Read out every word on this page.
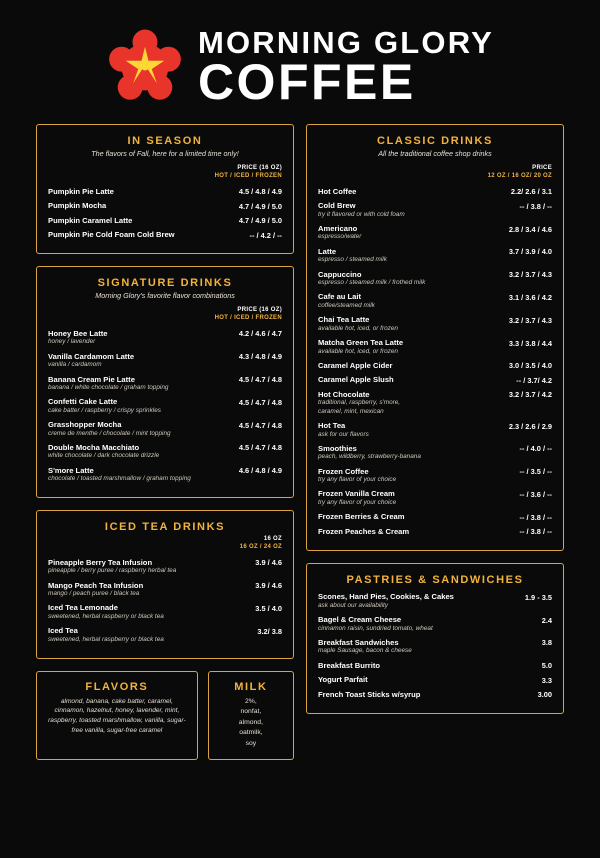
MORNING GLORY
COFFEE
IN SEASON
The flavors of Fall, here for a limited time only!
PRICE (16 OZ)
HOT / ICED / FROZEN
Pumpkin Pie Latte	4.5 / 4.8 / 4.9
Pumpkin Mocha	4.7 / 4.9 / 5.0
Pumpkin Caramel Latte	4.7 / 4.9 / 5.0
Pumpkin Pie Cold Foam Cold Brew	-- / 4.2 / --
SIGNATURE DRINKS
Morning Glory's favorite flavor combinations
PRICE (16 OZ)
HOT / ICED / FROZEN
Honey Bee Latte
honey / lavender
4.2 / 4.6 / 4.7
Vanilla Cardamom Latte
vanilla / cardamom
4.3 / 4.8 / 4.9
Banana Cream Pie Latte
banana / white chocolate / graham topping
4.5 / 4.7 / 4.8
Confetti Cake Latte
cake batter / raspberry / crispy sprinkles
4.5 / 4.7 / 4.8
Grasshopper Mocha
creme de menthe / chocolate / mint topping
4.5 / 4.7 / 4.8
Double Mocha Macchiato
white chocolate / dark chocolate drizzle
4.5 / 4.7 / 4.8
S'more Latte
chocolate / toasted marshmallow / graham topping
4.6 / 4.8 / 4.9
ICED TEA DRINKS
16 OZ
16 OZ / 24 OZ
Pineapple Berry Tea Infusion
pineapple / berry puree / raspberry herbal tea
3.9 / 4.6
Mango Peach Tea Infusion
mango / peach puree / black tea
3.9 / 4.6
Iced Tea Lemonade
sweetened, herbal raspberry or black tea
3.5 / 4.0
Iced Tea
sweetened, herbal raspberry or black tea
3.2/ 3.8
FLAVORS
almond, banana, cake batter, caramel, cinnamon, hazelnut, honey, lavender, mint, raspberry, toasted marshmallow, vanilla, sugar-free vanilla, sugar-free caramel
MILK
2%,
nonfat,
almond,
oatmilk,
soy
CLASSIC DRINKS
All the traditional coffee shop drinks
PRICE
12 OZ / 16 OZ/ 20 OZ
Hot Coffee	2.2/ 2.6 / 3.1
Cold Brew
try it flavored or with cold foam
-- / 3.8 / --
Americano
espresso/water
2.8 / 3.4 / 4.6
Latte
espresso / steamed milk
3.7 / 3.9 / 4.0
Cappuccino
espresso / steamed milk / frothed milk
3.2 / 3.7 / 4.3
Cafe au Lait
coffee/steamed milk
3.1 / 3.6 / 4.2
Chai Tea Latte
available hot, iced, or frozen
3.2 / 3.7 / 4.3
Matcha Green Tea Latte
available hot, iced, or frozen
3.3 / 3.8 / 4.4
Caramel Apple Cider	3.0 / 3.5 / 4.0
Caramel Apple Slush	-- / 3.7/ 4.2
Hot Chocolate
traditional, raspberry, s'more,
caramel, mint, mexican
3.2 / 3.7 / 4.2
Hot Tea
ask for our flavors
2.3 / 2.6 / 2.9
Smoothies
peach, wildberry, strawberry-banana
-- / 4.0 / --
Frozen Coffee
try any flavor of your choice
-- / 3.5 / --
Frozen Vanilla Cream
try any flavor of your choice
-- / 3.6 / --
Frozen Berries & Cream	-- / 3.8 / --
Frozen Peaches & Cream	-- / 3.8 / --
PASTRIES & SANDWICHES
Scones, Hand Pies, Cookies, & Cakes
ask about our availability
1.9 - 3.5
Bagel & Cream Cheese
cinnamon raisin, sundried tomato, wheat
2.4
Breakfast Sandwiches
maple Sausage, bacon & cheese
3.8
Breakfast Burrito	5.0
Yogurt Parfait	3.3
French Toast Sticks w/syrup	3.00
